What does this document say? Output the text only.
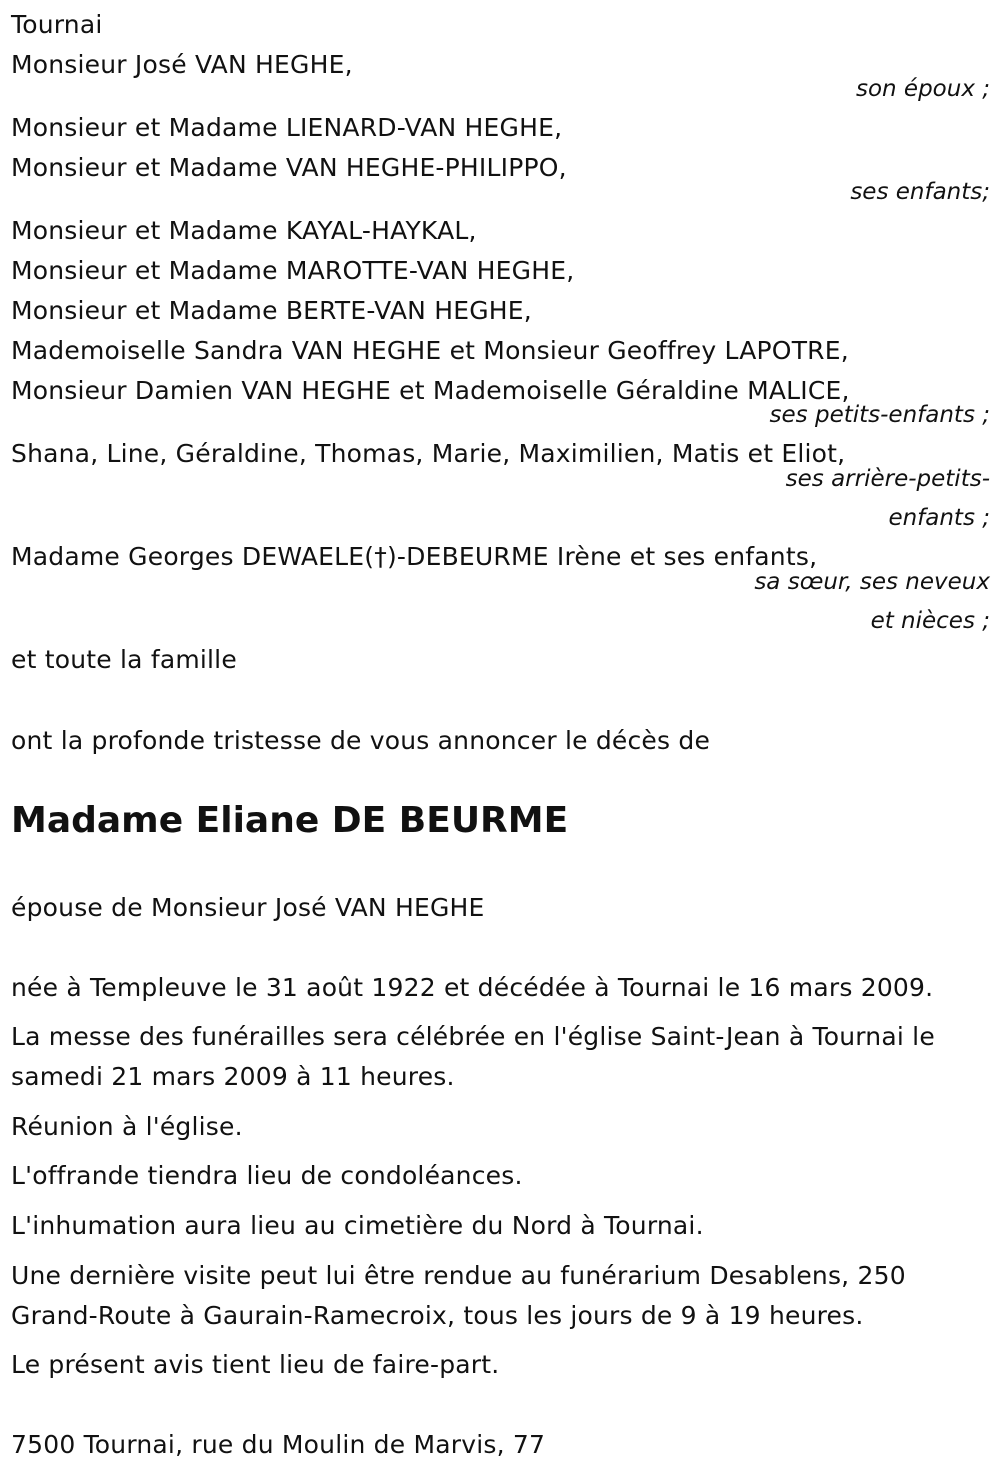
Tournai
Monsieur José VAN HEGHE,
son époux ;
Monsieur et Madame LIENARD-VAN HEGHE,
Monsieur et Madame VAN HEGHE-PHILIPPO,
ses enfants;
Monsieur et Madame KAYAL-HAYKAL,
Monsieur et Madame MAROTTE-VAN HEGHE,
Monsieur et Madame BERTE-VAN HEGHE,
Mademoiselle Sandra VAN HEGHE et Monsieur Geoffrey LAPOTRE,
Monsieur Damien VAN HEGHE et Mademoiselle Géraldine MALICE,
ses petits-enfants ;
Shana, Line, Géraldine, Thomas, Marie, Maximilien, Matis et Eliot,
ses arrière-petits-
enfants ;
Madame Georges DEWAELE(†)-DEBEURME Irène et ses enfants,
sa sœur, ses neveux
et nièces ;
et toute la famille
ont la profonde tristesse de vous annoncer le décès de
Madame Eliane DE BEURME
épouse de Monsieur José VAN HEGHE
née à Templeuve le 31 août 1922 et décédée à Tournai le 16 mars 2009.
La messe des funérailles sera célébrée en l'église Saint-Jean à Tournai le
samedi 21 mars 2009 à 11 heures.
Réunion à l'église.
L'offrande tiendra lieu de condoléances.
L'inhumation aura lieu au cimetière du Nord à Tournai.
Une dernière visite peut lui être rendue au funérarium Desablens, 250
Grand-Route à Gaurain-Ramecroix, tous les jours de 9 à 19 heures.
Le présent avis tient lieu de faire-part.
7500 Tournai, rue du Moulin de Marvis, 77
